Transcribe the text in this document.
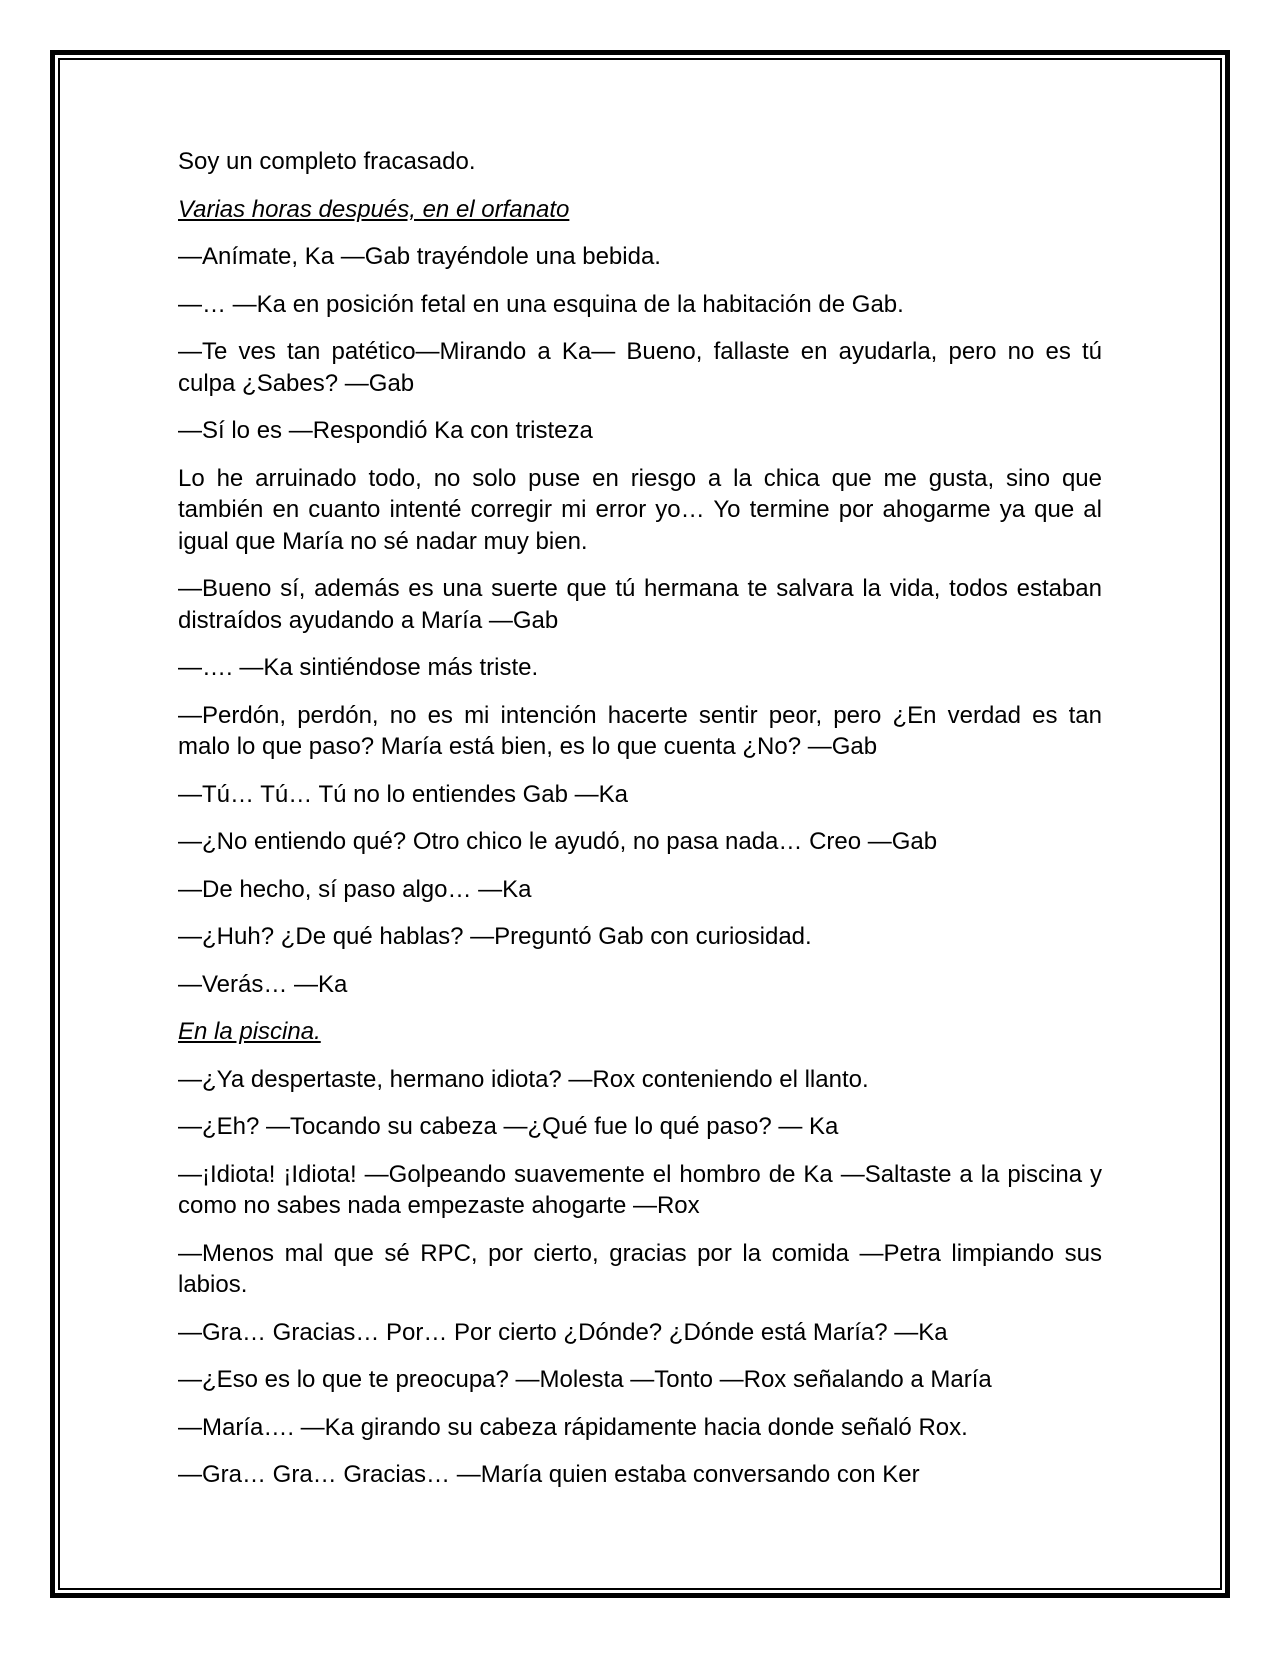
Soy un completo fracasado.

Varias horas después, en el orfanato

—Anímate, Ka —Gab trayéndole una bebida.

—… —Ka en posición fetal en una esquina de la habitación de Gab.

—Te ves tan patético—Mirando a Ka— Bueno, fallaste en ayudarla, pero no es tú culpa ¿Sabes? —Gab

—Sí lo es —Respondió Ka con tristeza

Lo he arruinado todo, no solo puse en riesgo a la chica que me gusta, sino que también en cuanto intenté corregir mi error yo… Yo termine por ahogarme ya que al igual que María no sé nadar muy bien.

—Bueno sí, además es una suerte que tú hermana te salvara la vida, todos estaban distraídos ayudando a María —Gab

—…. —Ka sintiéndose más triste.

—Perdón, perdón, no es mi intención hacerte sentir peor, pero ¿En verdad es tan malo lo que paso? María está bien, es lo que cuenta ¿No? —Gab

—Tú… Tú… Tú no lo entiendes Gab —Ka

—¿No entiendo qué? Otro chico le ayudó, no pasa nada… Creo —Gab

—De hecho, sí paso algo… —Ka

—¿Huh? ¿De qué hablas? —Preguntó Gab con curiosidad.

—Verás… —Ka

En la piscina.

—¿Ya despertaste, hermano idiota? —Rox conteniendo el llanto.

—¿Eh? —Tocando su cabeza —¿Qué fue lo qué paso? — Ka

—¡Idiota! ¡Idiota! —Golpeando suavemente el hombro de Ka —Saltaste a la piscina y como no sabes nada empezaste ahogarte —Rox

—Menos mal que sé RPC, por cierto, gracias por la comida —Petra limpiando sus labios.

—Gra… Gracias… Por… Por cierto ¿Dónde? ¿Dónde está María? —Ka

—¿Eso es lo que te preocupa? —Molesta —Tonto —Rox señalando a María

—María…. —Ka girando su cabeza rápidamente hacia donde señaló Rox.

—Gra… Gra… Gracias… —María quien estaba conversando con Ker
